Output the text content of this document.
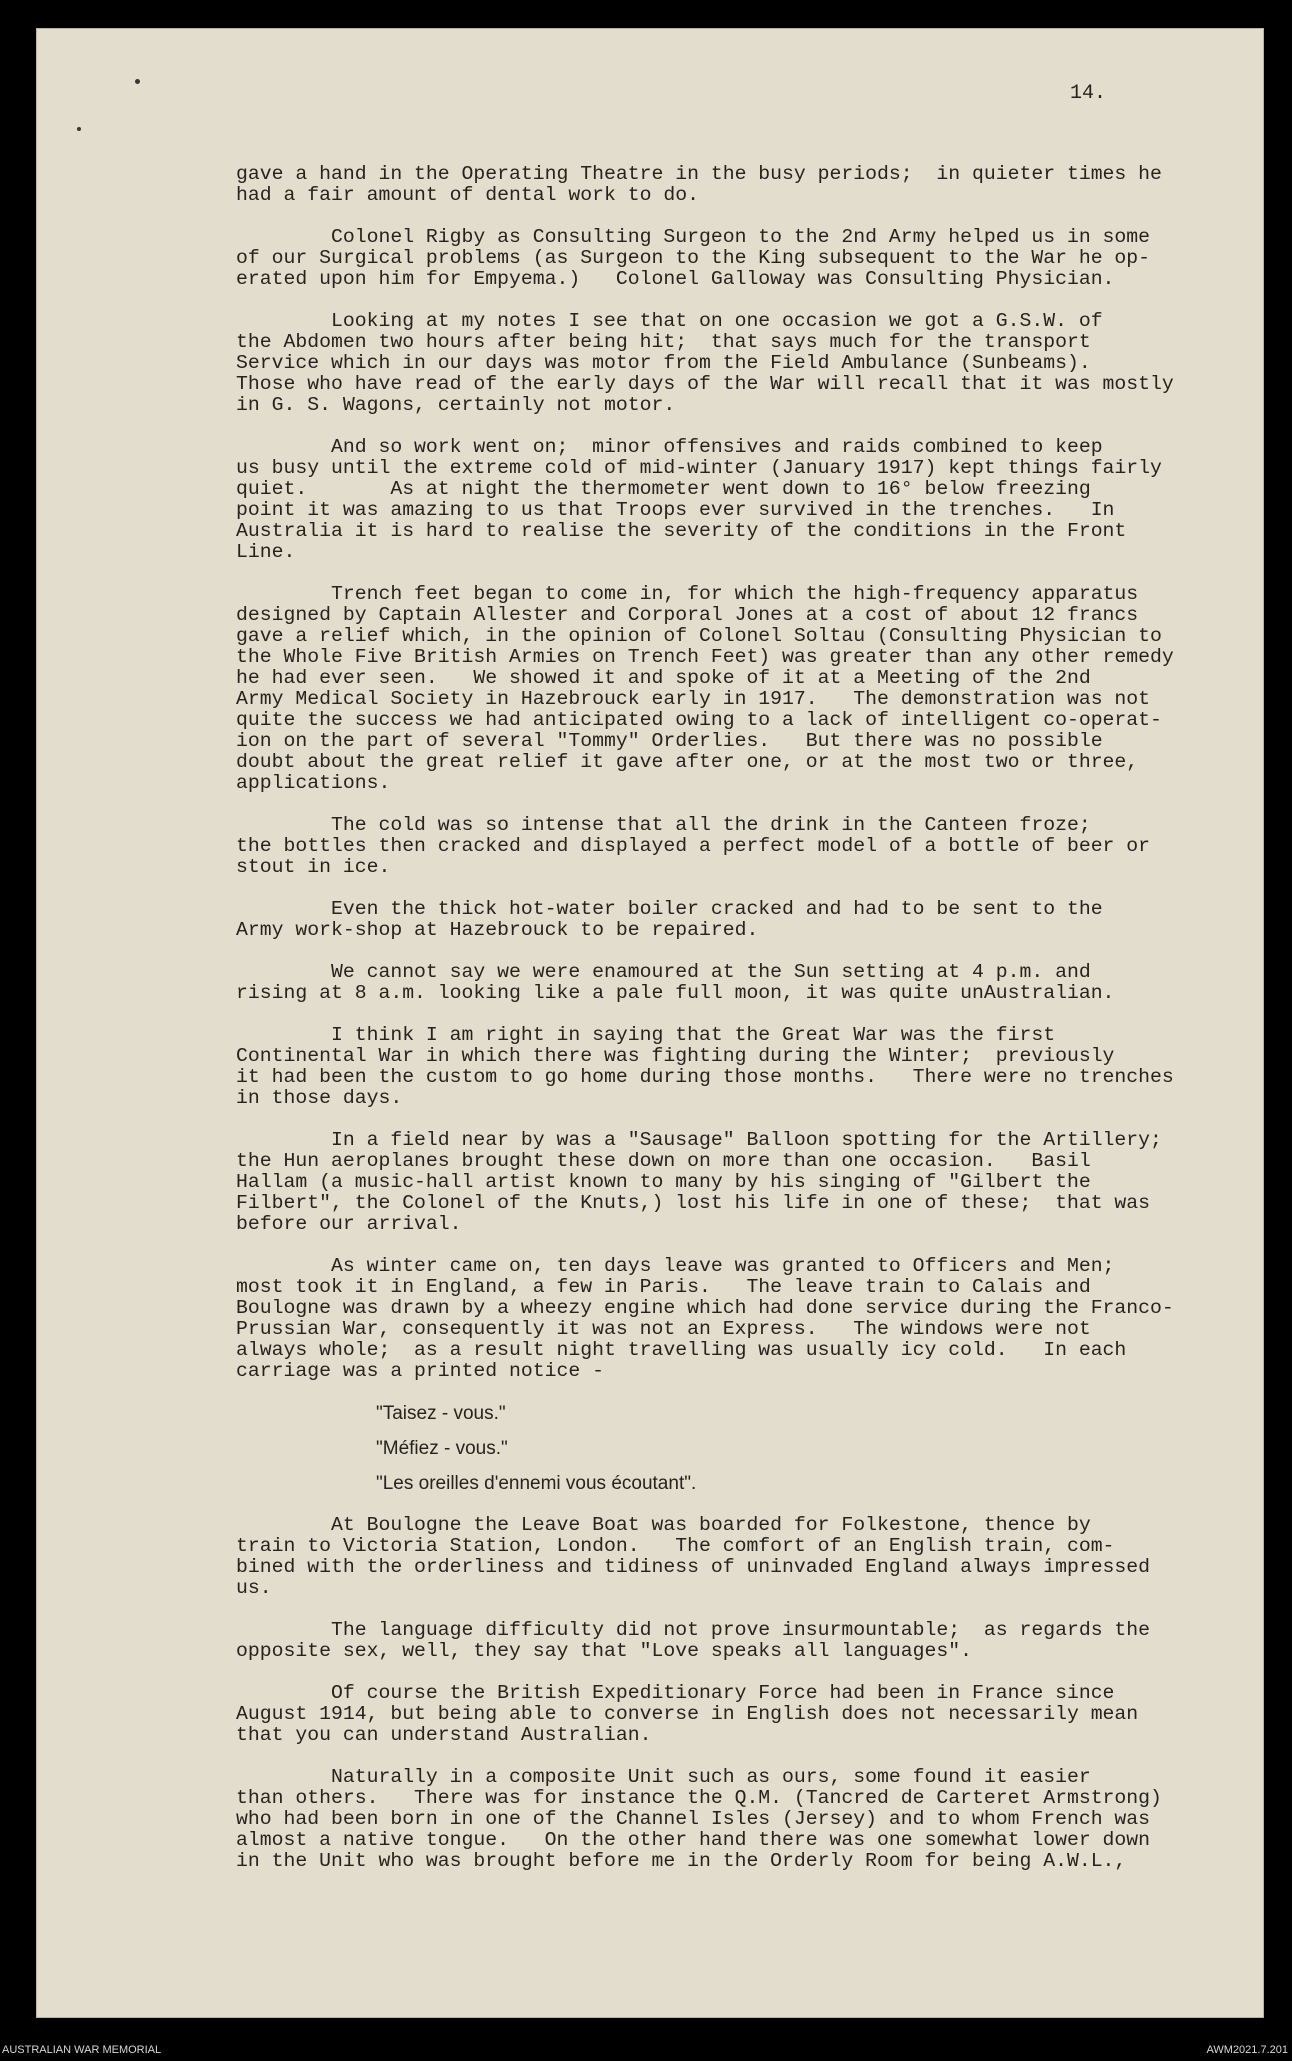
14.

gave a hand in the Operating Theatre in the busy periods;  in quieter times he
had a fair amount of dental work to do.

Colonel Rigby as Consulting Surgeon to the 2nd Army helped us in some
of our Surgical problems (as Surgeon to the King subsequent to the War he op-
erated upon him for Empyema.)   Colonel Galloway was Consulting Physician.

Looking at my notes I see that on one occasion we got a G.S.W. of
the Abdomen two hours after being hit;  that says much for the transport
Service which in our days was motor from the Field Ambulance (Sunbeams).
Those who have read of the early days of the War will recall that it was mostly
in G. S. Wagons, certainly not motor.

And so work went on;  minor offensives and raids combined to keep
us busy until the extreme cold of mid-winter (January 1917) kept things fairly
quiet.       As at night the thermometer went down to 16° below freezing
point it was amazing to us that Troops ever survived in the trenches.   In
Australia it is hard to realise the severity of the conditions in the Front
Line.

Trench feet began to come in, for which the high-frequency apparatus
designed by Captain Allester and Corporal Jones at a cost of about 12 francs
gave a relief which, in the opinion of Colonel Soltau (Consulting Physician to
the Whole Five British Armies on Trench Feet) was greater than any other remedy
he had ever seen.   We showed it and spoke of it at a Meeting of the 2nd
Army Medical Society in Hazebrouck early in 1917.   The demonstration was not
quite the success we had anticipated owing to a lack of intelligent co-operat-
ion on the part of several "Tommy" Orderlies.   But there was no possible
doubt about the great relief it gave after one, or at the most two or three,
applications.

The cold was so intense that all the drink in the Canteen froze;
the bottles then cracked and displayed a perfect model of a bottle of beer or
stout in ice.

Even the thick hot-water boiler cracked and had to be sent to the
Army work-shop at Hazebrouck to be repaired.

We cannot say we were enamoured at the Sun setting at 4 p.m. and
rising at 8 a.m. looking like a pale full moon, it was quite unAustralian.

I think I am right in saying that the Great War was the first
Continental War in which there was fighting during the Winter;  previously
it had been the custom to go home during those months.   There were no trenches
in those days.

In a field near by was a "Sausage" Balloon spotting for the Artillery;
the Hun aeroplanes brought these down on more than one occasion.   Basil
Hallam (a music-hall artist known to many by his singing of "Gilbert the
Filbert", the Colonel of the Knuts,) lost his life in one of these;  that was
before our arrival.

As winter came on, ten days leave was granted to Officers and Men;
most took it in England, a few in Paris.   The leave train to Calais and
Boulogne was drawn by a wheezy engine which had done service during the Franco-
Prussian War, consequently it was not an Express.   The windows were not
always whole;  as a result night travelling was usually icy cold.   In each
carriage was a printed notice -

"Taisez - vous."

"Méfiez - vous."

"Les oreilles d'ennemi vous écoutant".

At Boulogne the Leave Boat was boarded for Folkestone, thence by
train to Victoria Station, London.   The comfort of an English train, com-
bined with the orderliness and tidiness of uninvaded England always impressed
us.

The language difficulty did not prove insurmountable;  as regards the
opposite sex, well, they say that "Love speaks all languages".

Of course the British Expeditionary Force had been in France since
August 1914, but being able to converse in English does not necessarily mean
that you can understand Australian.

Naturally in a composite Unit such as ours, some found it easier
than others.   There was for instance the Q.M. (Tancred de Carteret Armstrong)
who had been born in one of the Channel Isles (Jersey) and to whom French was
almost a native tongue.   On the other hand there was one somewhat lower down
in the Unit who was brought before me in the Orderly Room for being A.W.L.,

AUSTRALIAN WAR MEMORIAL	AWM2021.7.201
